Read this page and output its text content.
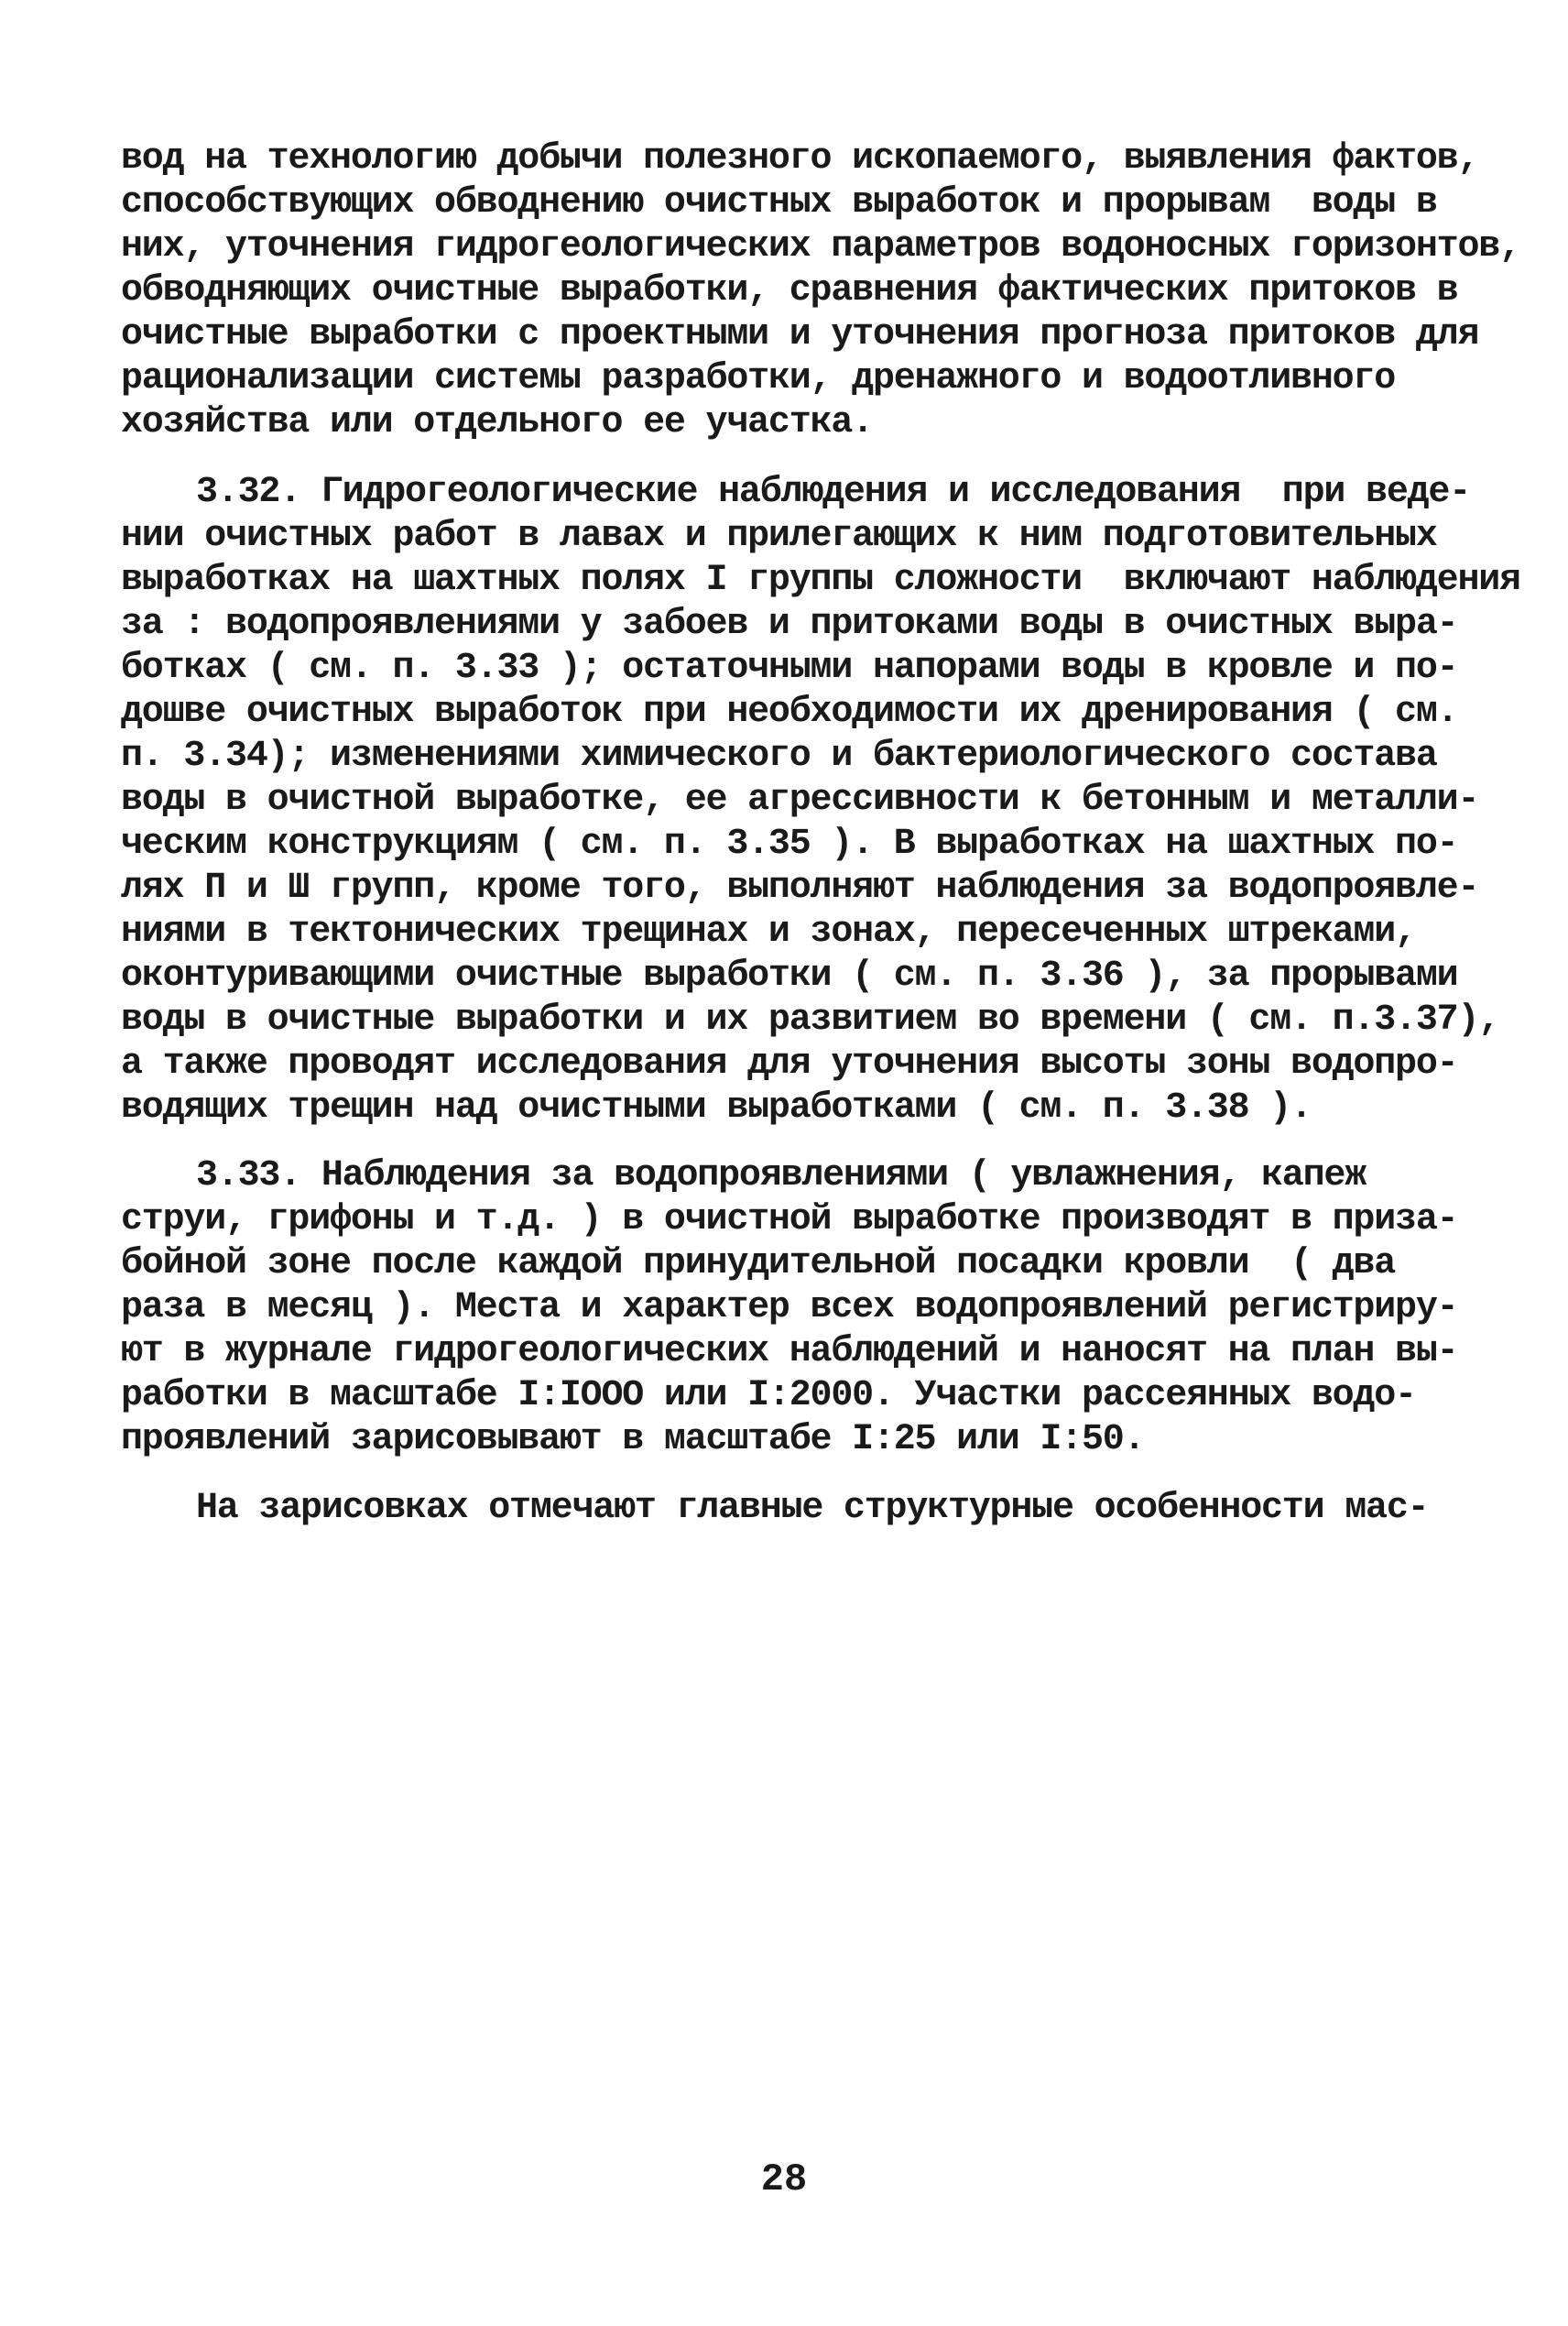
вод на технологию добычи полезного ископаемого, выявления фактов,
способствующих обводнению очистных выработок и прорывам  воды в
них, уточнения гидрогеологических параметров водоносных горизонтов,
обводняющих очистные выработки, сравнения фактических притоков в
очистные выработки с проектными и уточнения прогноза притоков для
рационализации системы разработки, дренажного и водоотливного
хозяйства или отдельного ее участка.
3.32. Гидрогеологические наблюдения и исследования  при веде-
нии очистных работ в лавах и прилегающих к ним подготовительных
выработках на шахтных полях I группы сложности  включают наблюдения
за : водопроявлениями у забоев и притоками воды в очистных выра-
ботках ( см. п. 3.33 ); остаточными напорами воды в кровле и по-
дошве очистных выработок при необходимости их дренирования ( см.
п. 3.34); изменениями химического и бактериологического состава
воды в очистной выработке, ее агрессивности к бетонным и металли-
ческим конструкциям ( см. п. 3.35 ). В выработках на шахтных по-
лях П и Ш групп, кроме того, выполняют наблюдения за водопроявле-
ниями в тектонических трещинах и зонах, пересеченных штреками,
оконтуривающими очистные выработки ( см. п. 3.36 ), за прорывами
воды в очистные выработки и их развитием во времени ( см. п.3.37),
а также проводят исследования для уточнения высоты зоны водопро-
водящих трещин над очистными выработками ( см. п. 3.38 ).
3.33. Наблюдения за водопроявлениями ( увлажнения, капеж
струи, грифоны и т.д. ) в очистной выработке производят в приза-
бойной зоне после каждой принудительной посадки кровли  ( два
раза в месяц ). Места и характер всех водопроявлений регистриру-
ют в журнале гидрогеологических наблюдений и наносят на план вы-
работки в масштабе I:IOOO или I:2000. Участки рассеянных водо-
проявлений зарисовывают в масштабе I:25 или I:50.
На зарисовках отмечают главные структурные особенности мас-
28
